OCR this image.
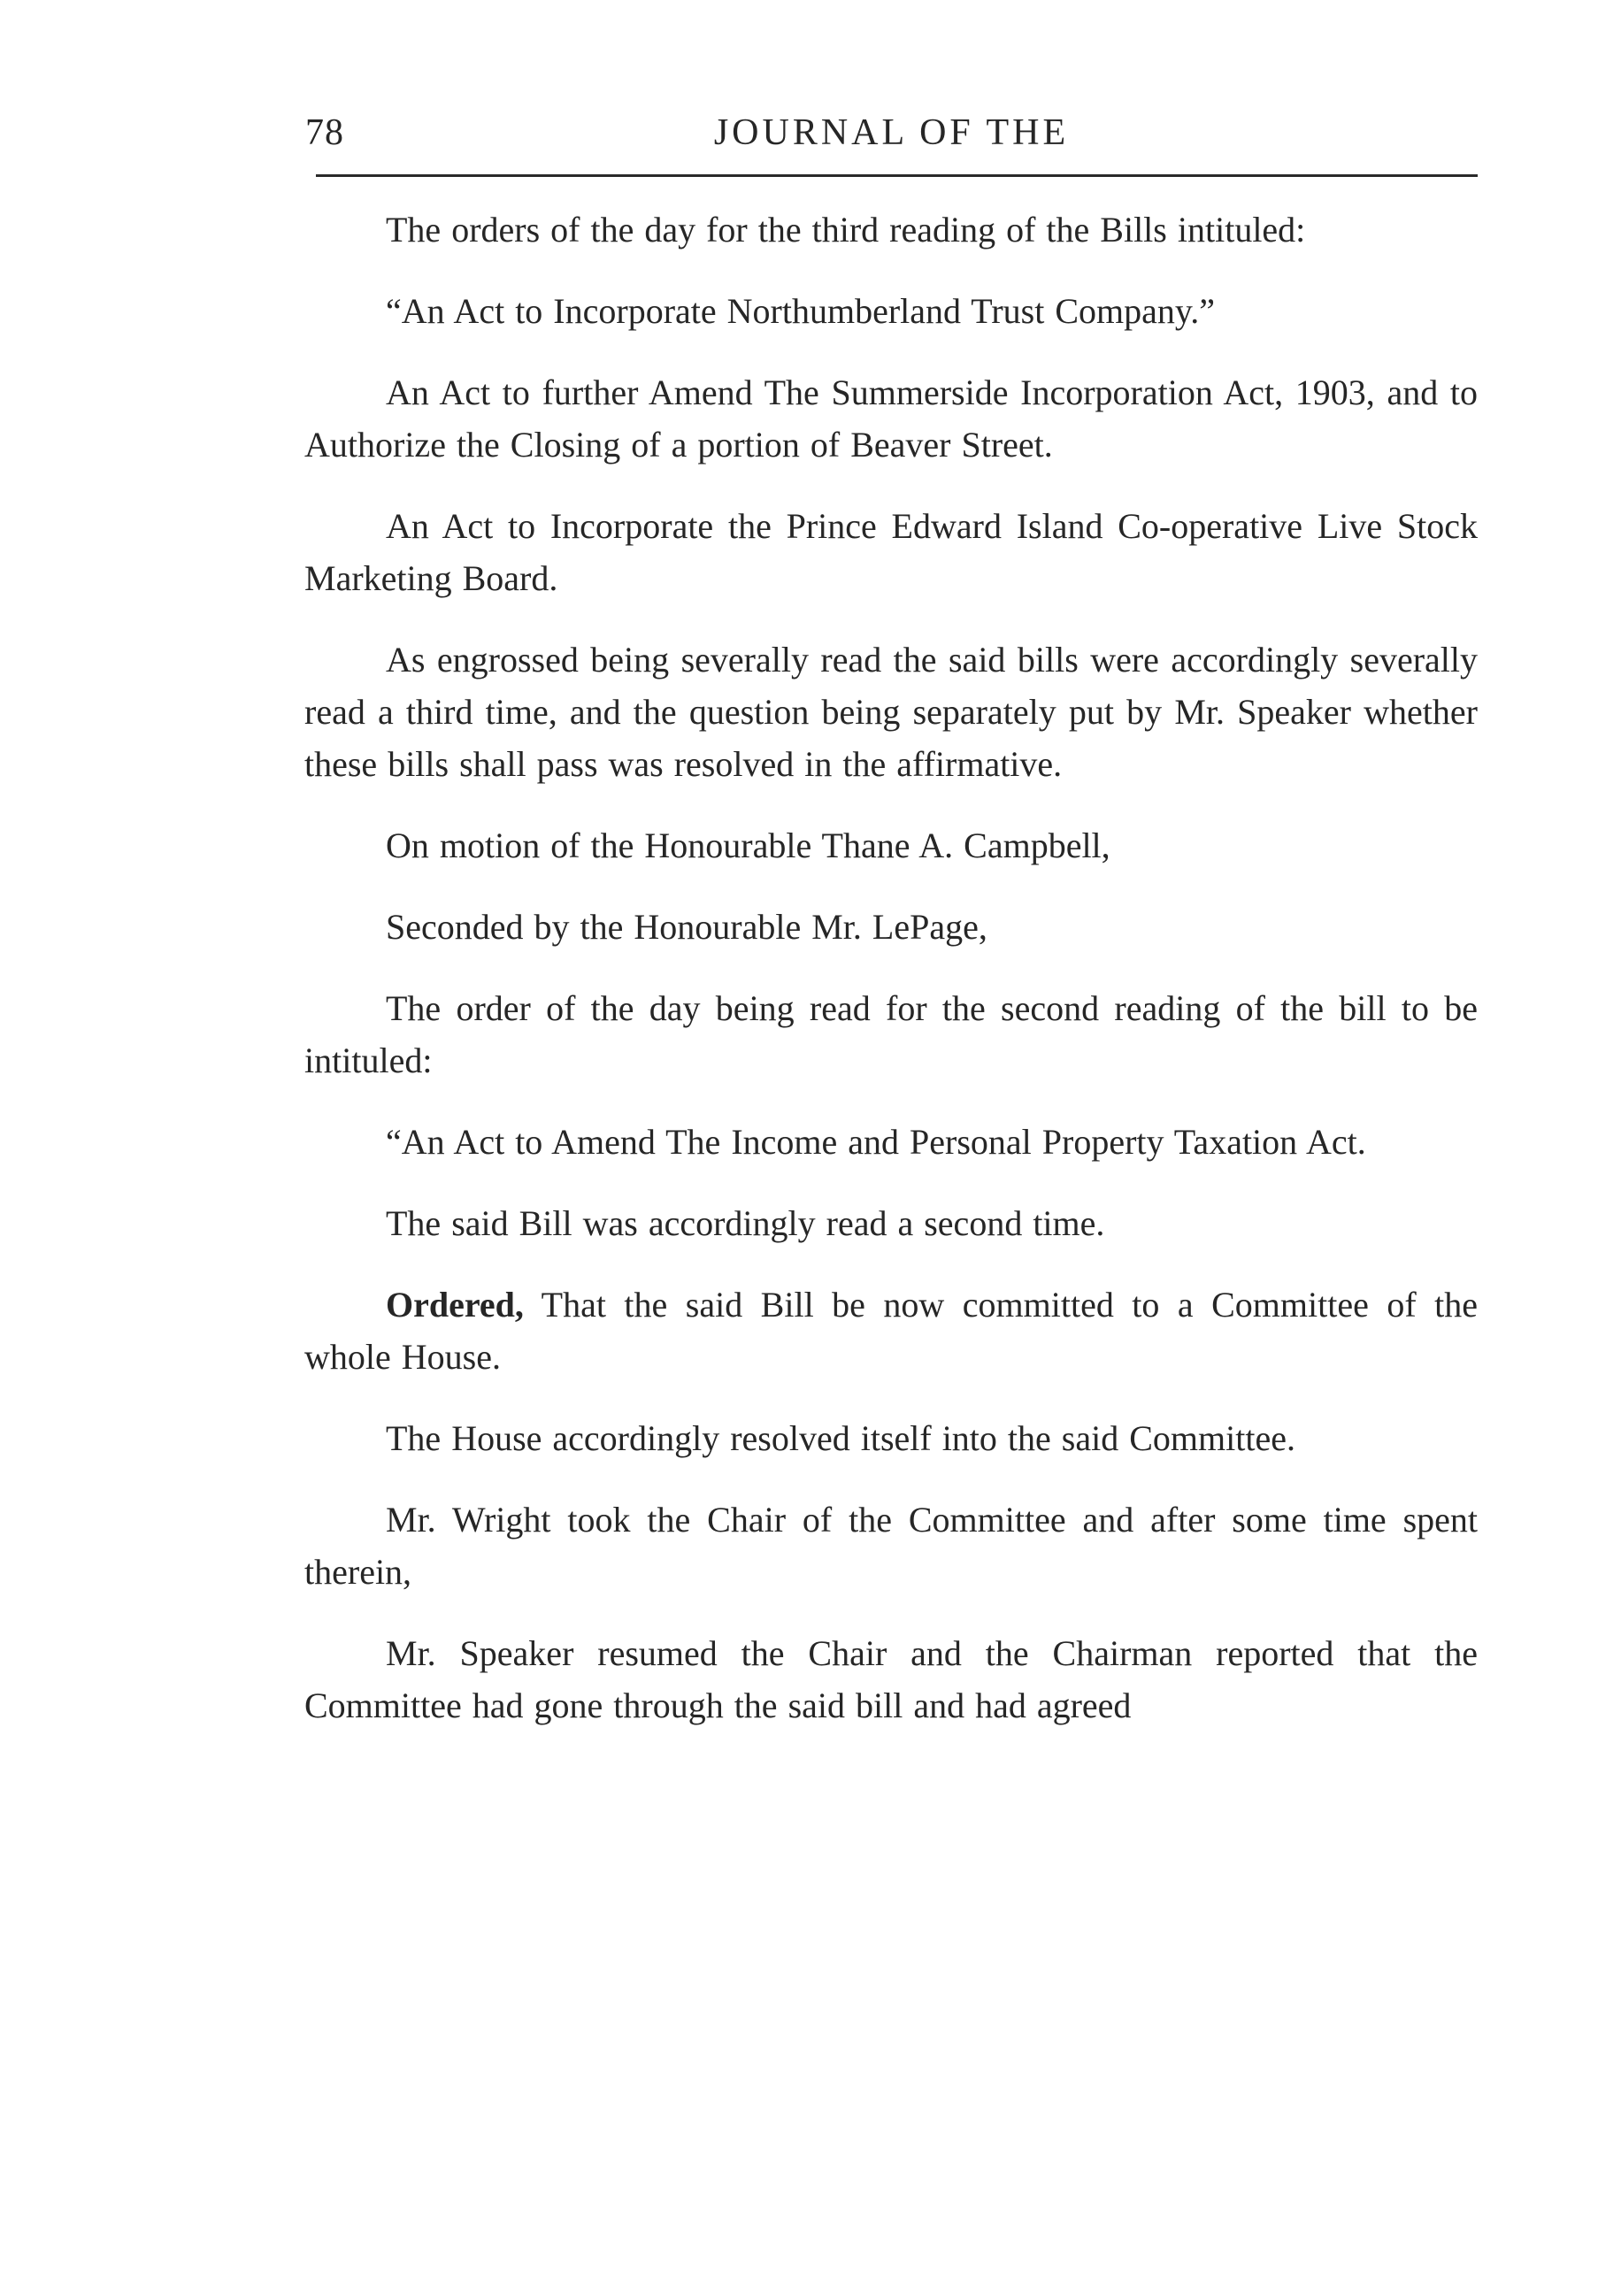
78	JOURNAL OF THE

The orders of the day for the third reading of the Bills intituled:

“An Act to Incorporate Northumberland Trust Company.”

An Act to further Amend The Summerside Incorporation Act, 1903, and to Authorize the Closing of a portion of Beaver Street.

An Act to Incorporate the Prince Edward Island Co-operative Live Stock Marketing Board.

As engrossed being severally read the said bills were accordingly severally read a third time, and the question being separately put by Mr. Speaker whether these bills shall pass was resolved in the affirmative.

On motion of the Honourable Thane A. Campbell,

Seconded by the Honourable Mr. LePage,

The order of the day being read for the second reading of the bill to be intituled:

“An Act to Amend The Income and Personal Property Taxation Act.

The said Bill was accordingly read a second time.

Ordered, That the said Bill be now committed to a Committee of the whole House.

The House accordingly resolved itself into the said Committee.

Mr. Wright took the Chair of the Committee and after some time spent therein,

Mr. Speaker resumed the Chair and the Chairman reported that the Committee had gone through the said bill and had agreed
